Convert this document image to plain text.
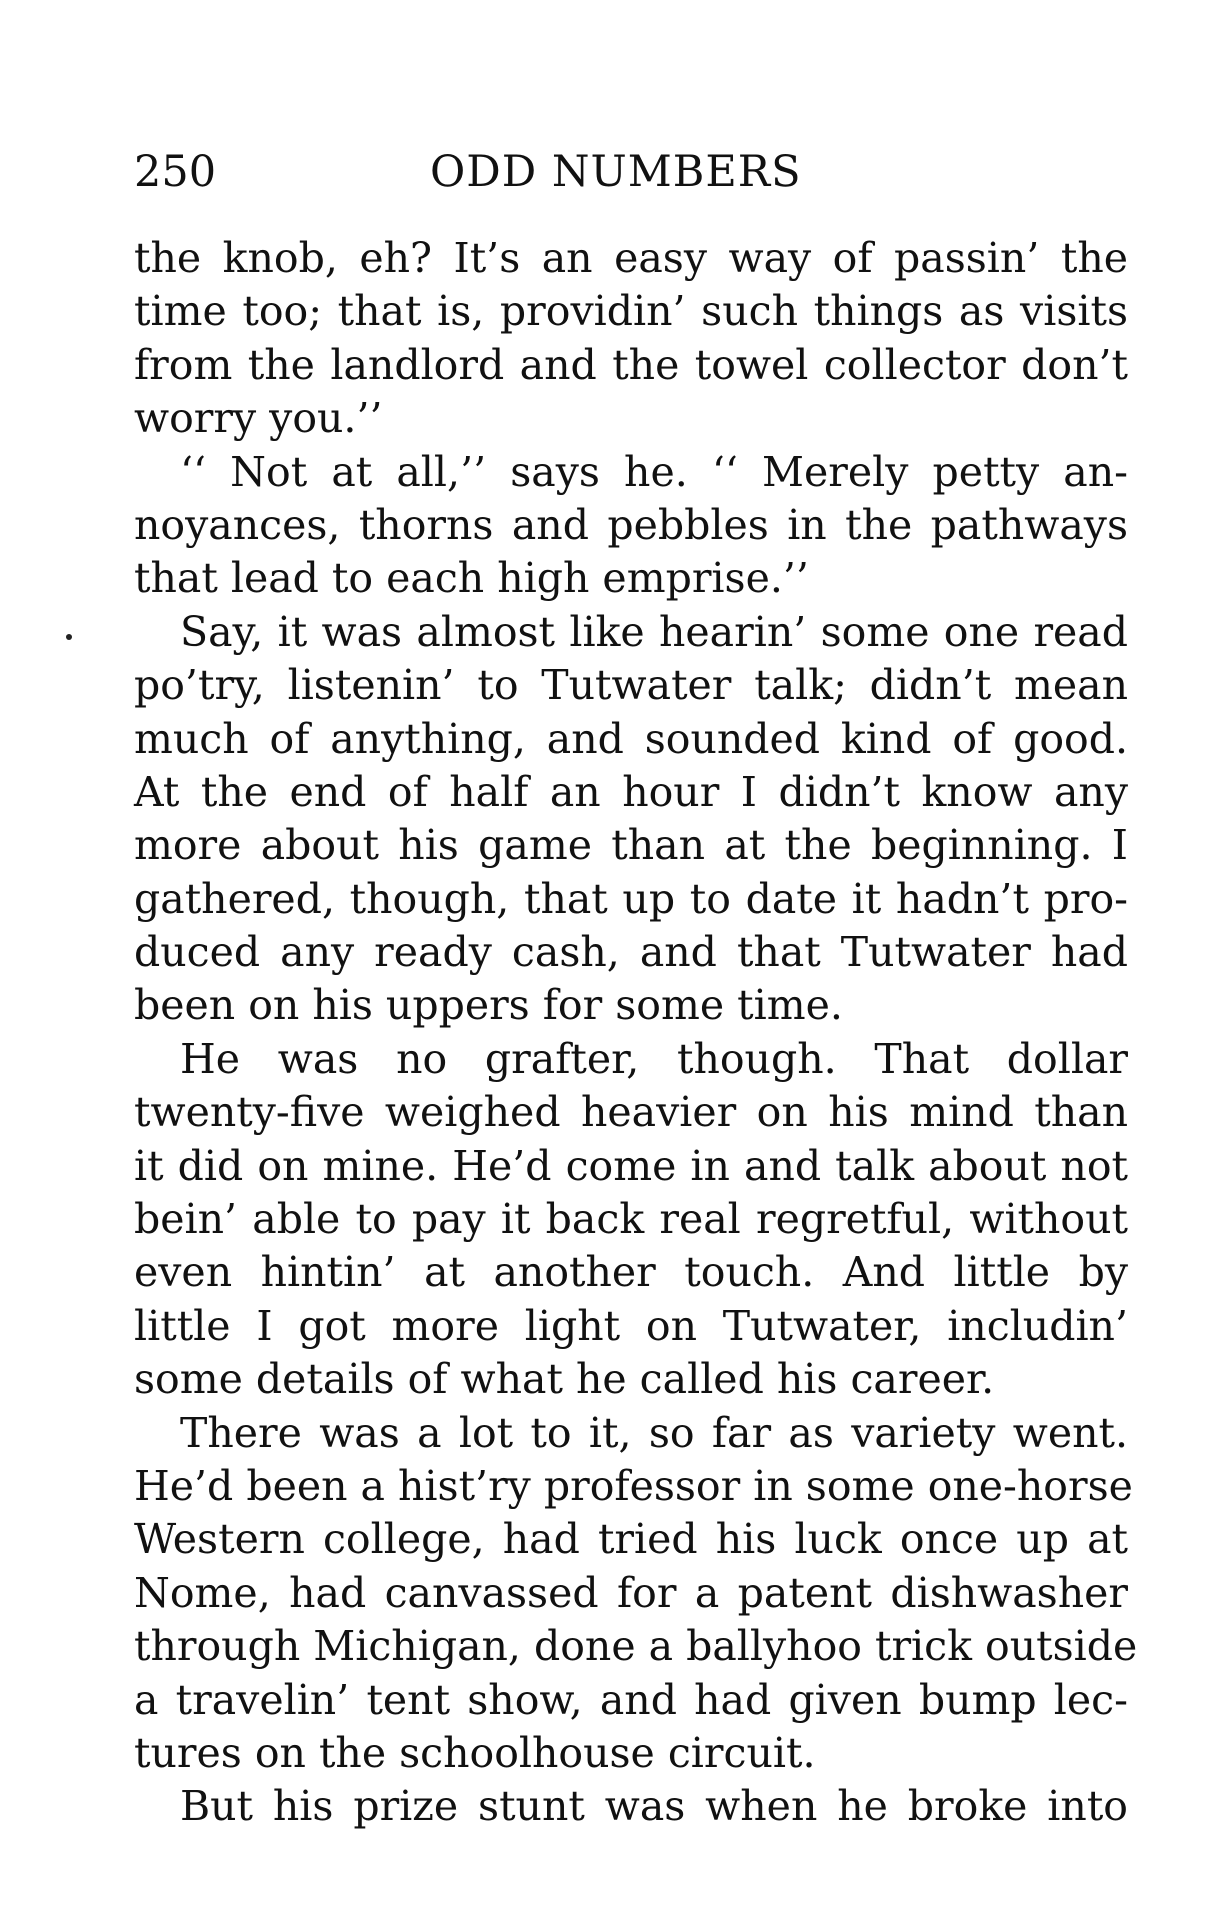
250	ODD NUMBERS
the knob, eh? It’s an easy way of passin’ the
time too; that is, providin’ such things as visits
from the landlord and the towel collector don’t
worry you.’’
‘‘ Not at all,’’ says he. ‘‘ Merely petty an-
noyances, thorns and pebbles in the pathways
that lead to each high emprise.’’
Say, it was almost like hearin’ some one read
po’try, listenin’ to Tutwater talk; didn’t mean
much of anything, and sounded kind of good.
At the end of half an hour I didn’t know any
more about his game than at the beginning. I
gathered, though, that up to date it hadn’t pro-
duced any ready cash, and that Tutwater had
been on his uppers for some time.
He was no grafter, though. That dollar
twenty-five weighed heavier on his mind than
it did on mine. He’d come in and talk about not
bein’ able to pay it back real regretful, without
even hintin’ at another touch. And little by
little I got more light on Tutwater, includin’
some details of what he called his career.
There was a lot to it, so far as variety went.
He’d been a hist’ry professor in some one-horse
Western college, had tried his luck once up at
Nome, had canvassed for a patent dishwasher
through Michigan, done a ballyhoo trick outside
a travelin’ tent show, and had given bump lec-
tures on the schoolhouse circuit.
But his prize stunt was when he broke into
